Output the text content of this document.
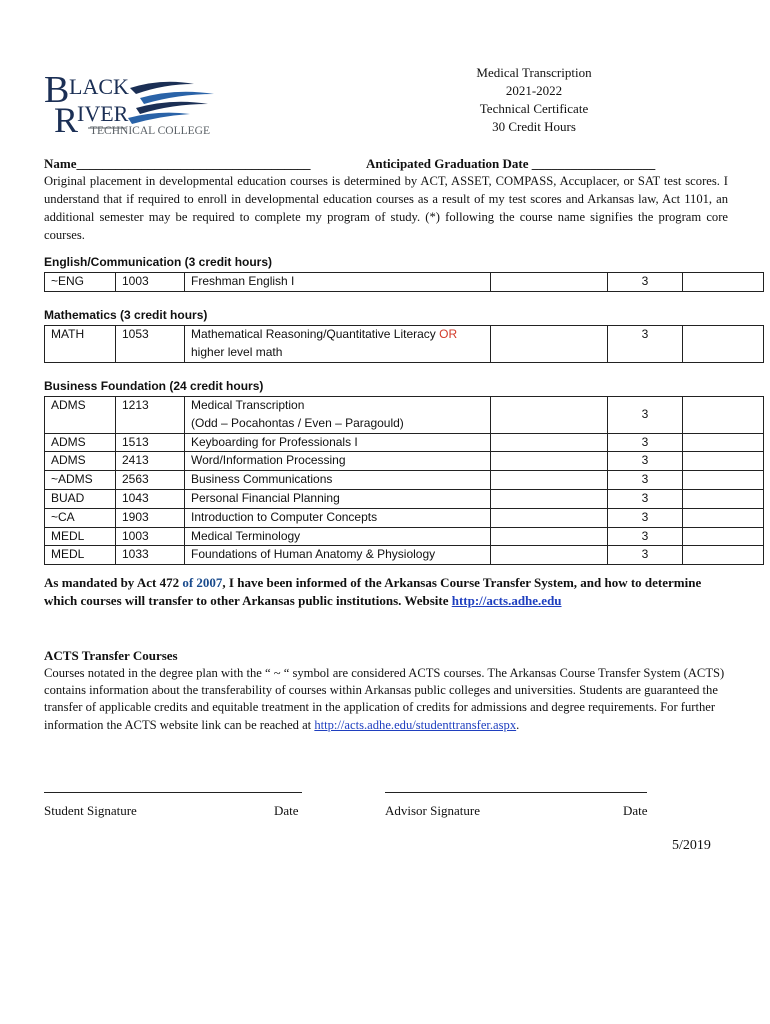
B LACK
R
IVER
TECHNICAL COLLEGE
Medical Transcription
2021-2022
Technical Certificate
30 Credit Hours
Name____________________________________	Anticipated Graduation Date ___________________
Original placement in developmental education courses is determined by ACT, ASSET, COMPASS, Accuplacer, or SAT test scores. I understand that if required to enroll in developmental education courses as a result of my test scores and Arkansas law, Act 1101, an additional semester may be required to complete my program of study. (*) following the course name signifies the program core courses.
English/Communication (3 credit hours)
~ENG	1003	Freshman English I		3	
Mathematics (3 credit hours)
MATH	1053	Mathematical Reasoning/Quantitative Literacy OR
higher level math		3	
Business Foundation (24 credit hours)
ADMS	1213	Medical Transcription
(Odd – Pocahontas / Even – Paragould)		3	
ADMS	1513	Keyboarding for Professionals I		3	
ADMS	2413	Word/Information Processing		3	
~ADMS	2563	Business Communications		3	
BUAD	1043	Personal Financial Planning		3	
~CA	1903	Introduction to Computer Concepts		3	
MEDL	1003	Medical Terminology		3	
MEDL	1033	Foundations of Human Anatomy & Physiology		3	
As mandated by Act 472 of 2007, I have been informed of the Arkansas Course Transfer System, and how to determine which courses will transfer to other Arkansas public institutions. Website http://acts.adhe.edu
ACTS Transfer Courses
Courses notated in the degree plan with the “ ~ “ symbol are considered ACTS courses. The Arkansas Course Transfer System (ACTS) contains information about the transferability of courses within Arkansas public colleges and universities. Students are guaranteed the transfer of applicable credits and equitable treatment in the application of credits for admissions and degree requirements. For further information the ACTS website link can be reached at http://acts.adhe.edu/studenttransfer.aspx.
Student Signature	Date	Advisor Signature	Date
5/2019
